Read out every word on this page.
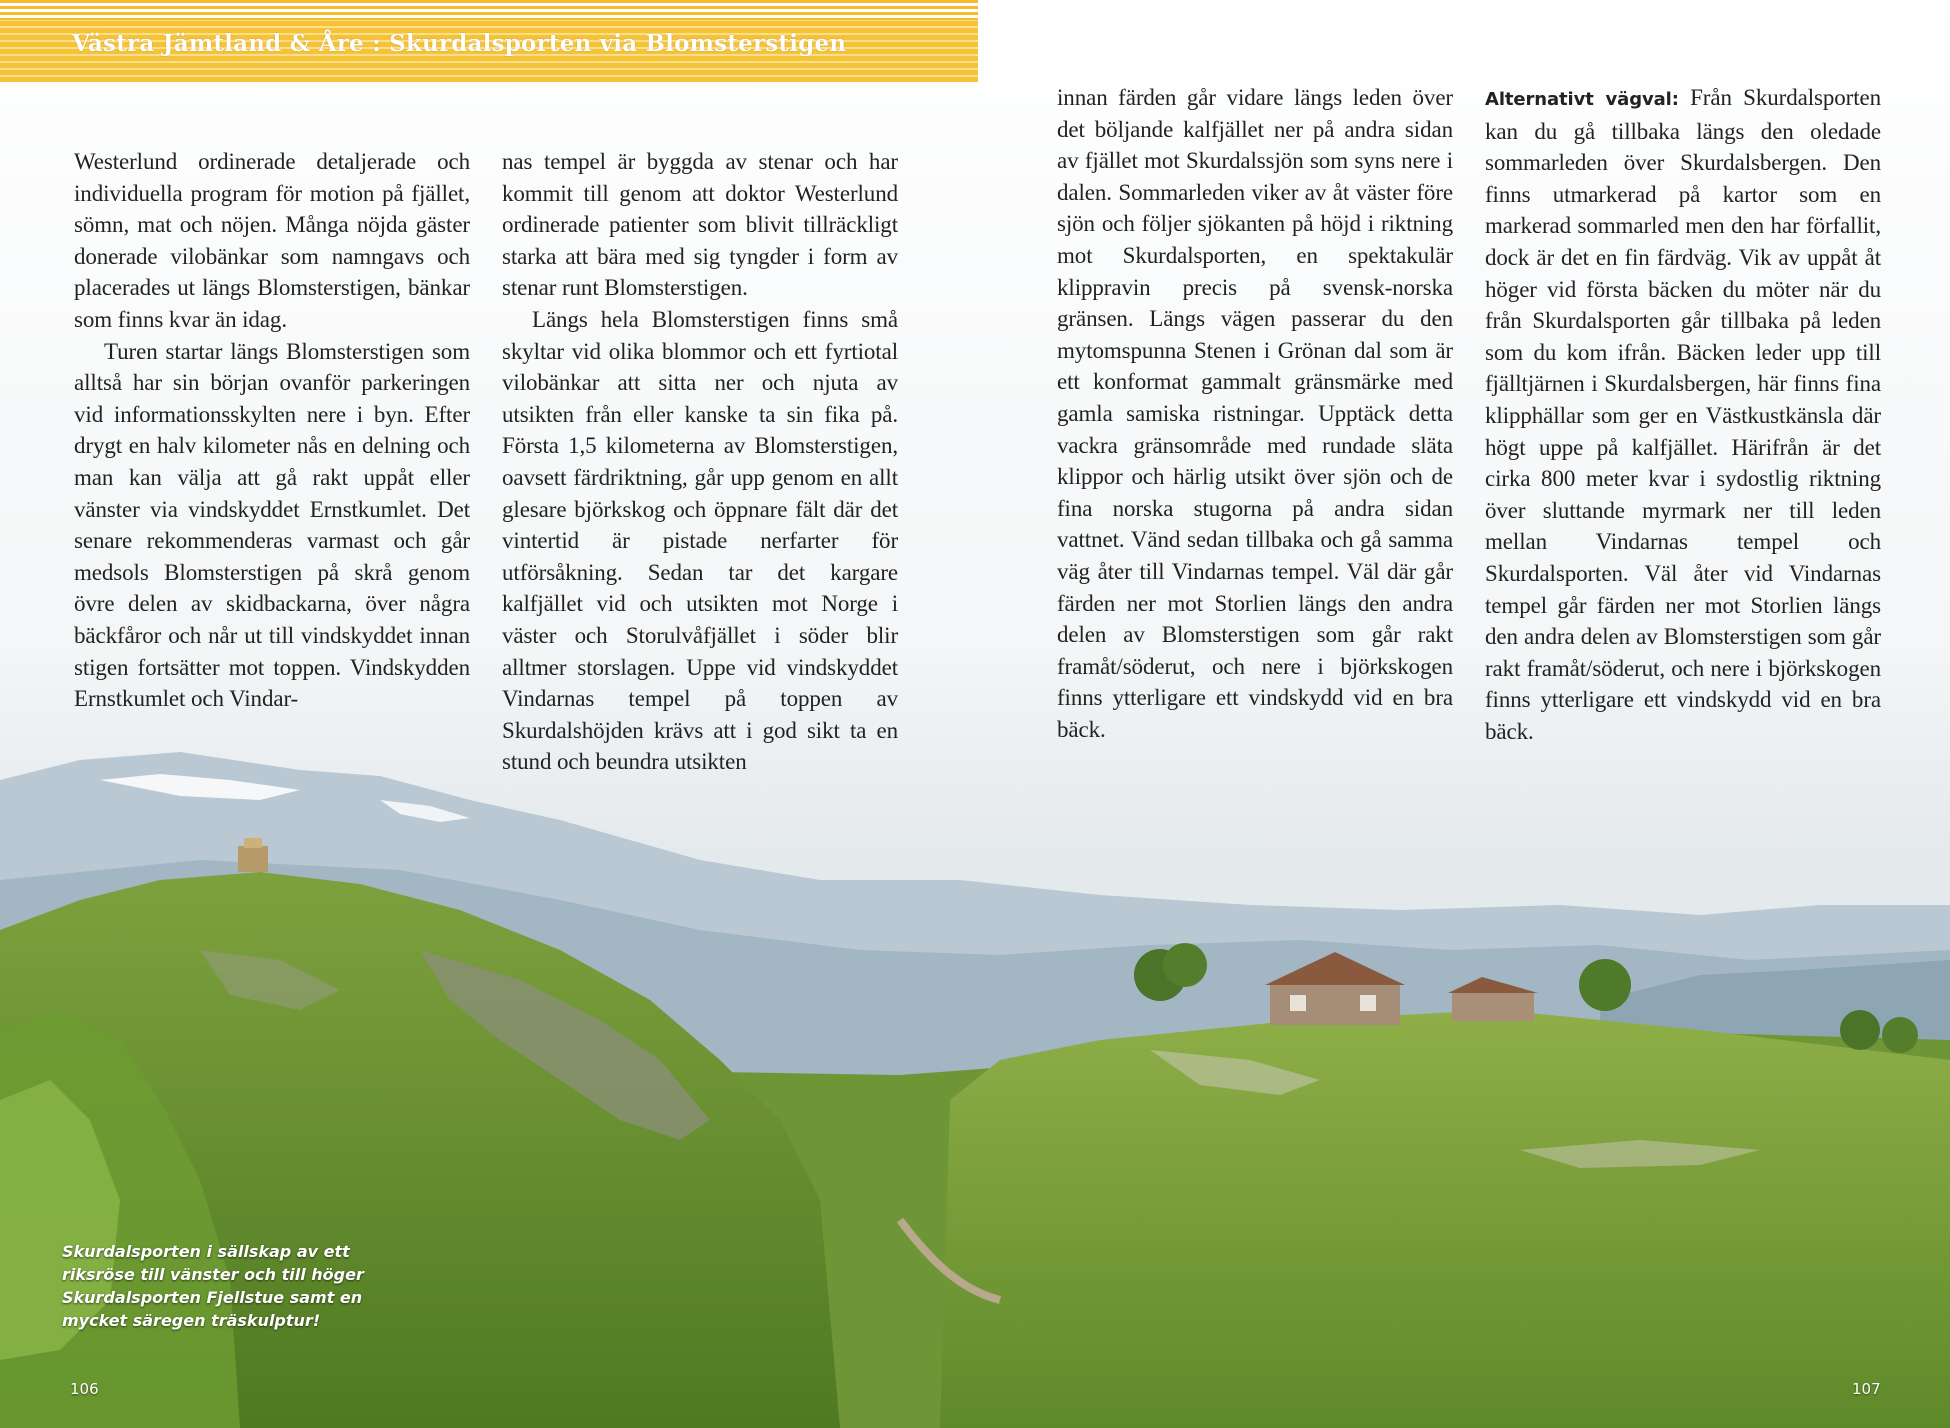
Västra Jämtland & Åre : Skurdalsporten via Blomsterstigen

Westerlund ordinerade detaljerade och individuella program för motion på fjället, sömn, mat och nöjen. Många nöjda gäster donerade vilobänkar som namngavs och placerades ut längs Blomsterstigen, bänkar som finns kvar än idag.

Turen startar längs Blomsterstigen som alltså har sin början ovanför parkeringen vid informationsskylten nere i byn. Efter drygt en halv kilometer nås en delning och man kan välja att gå rakt uppåt eller vänster via vindskyddet Ernstkumlet. Det senare rekommenderas varmast och går medsols Blomsterstigen på skrå genom övre delen av skidbackarna, över några bäckfåror och når ut till vindskyddet innan stigen fortsätter mot toppen. Vindskydden Ernstkumlet och Vindar-

nas tempel är byggda av stenar och har kommit till genom att doktor Westerlund ordinerade patienter som blivit tillräckligt starka att bära med sig tyngder i form av stenar runt Blomsterstigen.

Längs hela Blomsterstigen finns små skyltar vid olika blommor och ett fyrtiotal vilobänkar att sitta ner och njuta av utsikten från eller kanske ta sin fika på. Första 1,5 kilometerna av Blomsterstigen, oavsett färdriktning, går upp genom en allt glesare björkskog och öppnare fält där det vintertid är pistade nerfarter för utförsåkning. Sedan tar det kargare kalfjället vid och utsikten mot Norge i väster och Storulvåfjället i söder blir alltmer storslagen. Uppe vid vindskyddet Vindarnas tempel på toppen av Skurdalshöjden krävs att i god sikt ta en stund och beundra utsikten

innan färden går vidare längs leden över det böljande kalfjället ner på andra sidan av fjället mot Skurdalssjön som syns nere i dalen. Sommarleden viker av åt väster före sjön och följer sjökanten på höjd i riktning mot Skurdalsporten, en spektakulär klippravin precis på svensk-norska gränsen. Längs vägen passerar du den mytomspunna Stenen i Grönan dal som är ett konformat gammalt gränsmärke med gamla samiska ristningar. Upptäck detta vackra gränsområde med rundade släta klippor och härlig utsikt över sjön och de fina norska stugorna på andra sidan vattnet. Vänd sedan tillbaka och gå samma väg åter till Vindarnas tempel. Väl där går färden ner mot Storlien längs den andra delen av Blomsterstigen som går rakt framåt/söderut, och nere i björkskogen finns ytterligare ett vindskydd vid en bra bäck.

Alternativt vägval: Från Skurdalsporten kan du gå tillbaka längs den oledade sommarleden över Skurdalsbergen. Den finns utmarkerad på kartor som en markerad sommarled men den har förfallit, dock är det en fin färdväg. Vik av uppåt åt höger vid första bäcken du möter när du från Skurdalsporten går tillbaka på leden som du kom ifrån. Bäcken leder upp till fjälltjärnen i Skurdalsbergen, här finns fina klipphällar som ger en Västkustkänsla där högt uppe på kalfjället. Härifrån är det cirka 800 meter kvar i sydostlig riktning över sluttande myrmark ner till leden mellan Vindarnas tempel och Skurdalsporten. Väl åter vid Vindarnas tempel går färden ner mot Storlien längs den andra delen av Blomsterstigen som går rakt framåt/söderut, och nere i björkskogen finns ytterligare ett vindskydd vid en bra bäck.

Skurdalsporten i sällskap av ett riksröse till vänster och till höger Skurdalsporten Fjellstue samt en mycket säregen träskulptur!
106	107
